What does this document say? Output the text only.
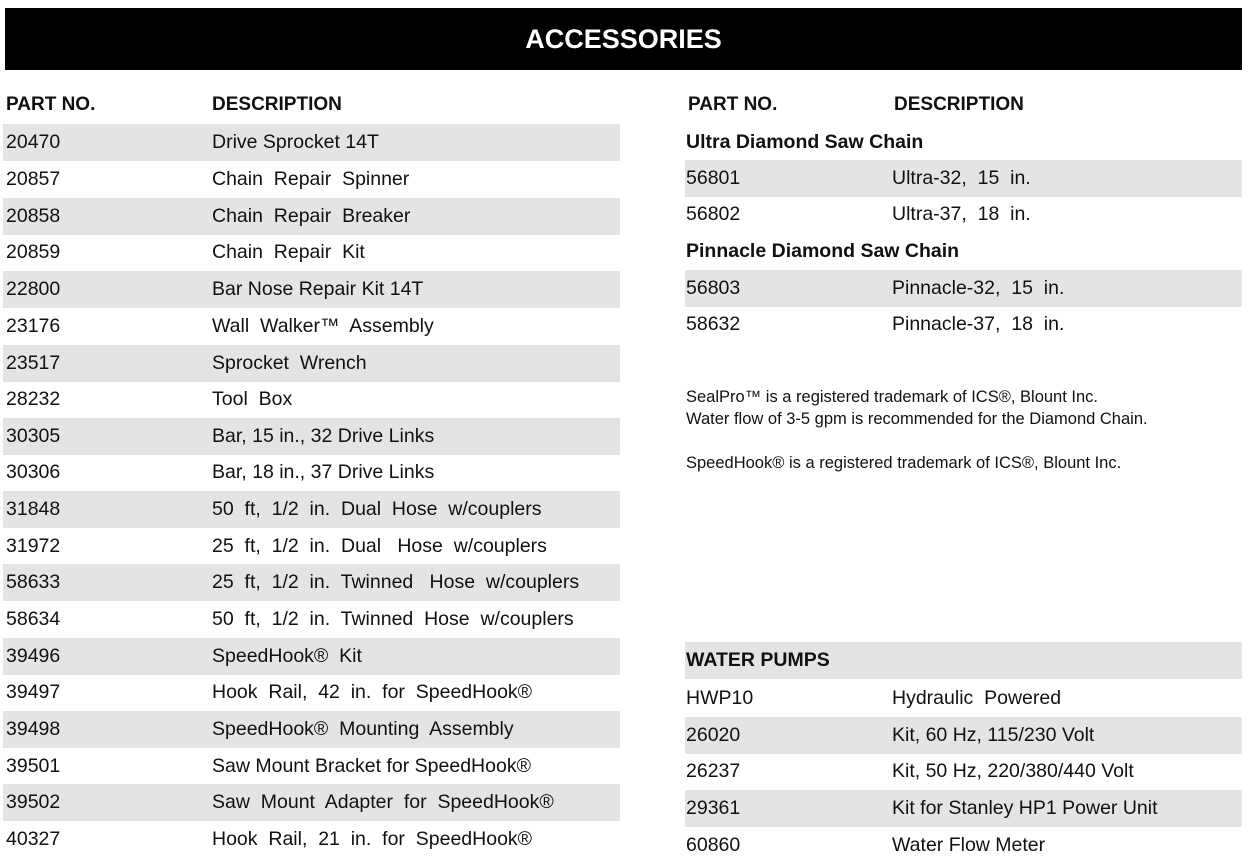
ACCESSORIES
PART NO.	DESCRIPTION
20470	Drive Sprocket 14T
20857	Chain  Repair  Spinner
20858	Chain  Repair  Breaker
20859	Chain  Repair  Kit
22800	Bar Nose Repair Kit 14T
23176	Wall  Walker™  Assembly
23517	Sprocket  Wrench
28232	Tool  Box
30305	Bar, 15 in., 32 Drive Links
30306	Bar, 18 in., 37 Drive Links
31848	50  ft,  1/2  in.  Dual  Hose  w/couplers
31972	25  ft,  1/2  in.  Dual   Hose  w/couplers
58633	25  ft,  1/2  in.  Twinned   Hose  w/couplers
58634	50  ft,  1/2  in.  Twinned  Hose  w/couplers
39496	SpeedHook®  Kit
39497	Hook  Rail,  42  in.  for  SpeedHook®
39498	SpeedHook®  Mounting  Assembly
39501	Saw Mount Bracket for SpeedHook®
39502	Saw  Mount  Adapter  for  SpeedHook®
40327	Hook  Rail,  21  in.  for  SpeedHook®
PART NO.	DESCRIPTION
Ultra Diamond Saw Chain
56801	Ultra-32,  15  in.
56802	Ultra-37,  18  in.
Pinnacle Diamond Saw Chain
56803	Pinnacle-32,  15  in.
58632	Pinnacle-37,  18  in.
SealPro™ is a registered trademark of ICS®, Blount Inc.
Water flow of 3-5 gpm is recommended for the Diamond Chain.
SpeedHook® is a registered trademark of ICS®, Blount Inc.
WATER PUMPS
HWP10	Hydraulic  Powered
26020	Kit, 60 Hz, 115/230 Volt
26237	Kit, 50 Hz, 220/380/440 Volt
29361	Kit for Stanley HP1 Power Unit
60860	Water Flow Meter
